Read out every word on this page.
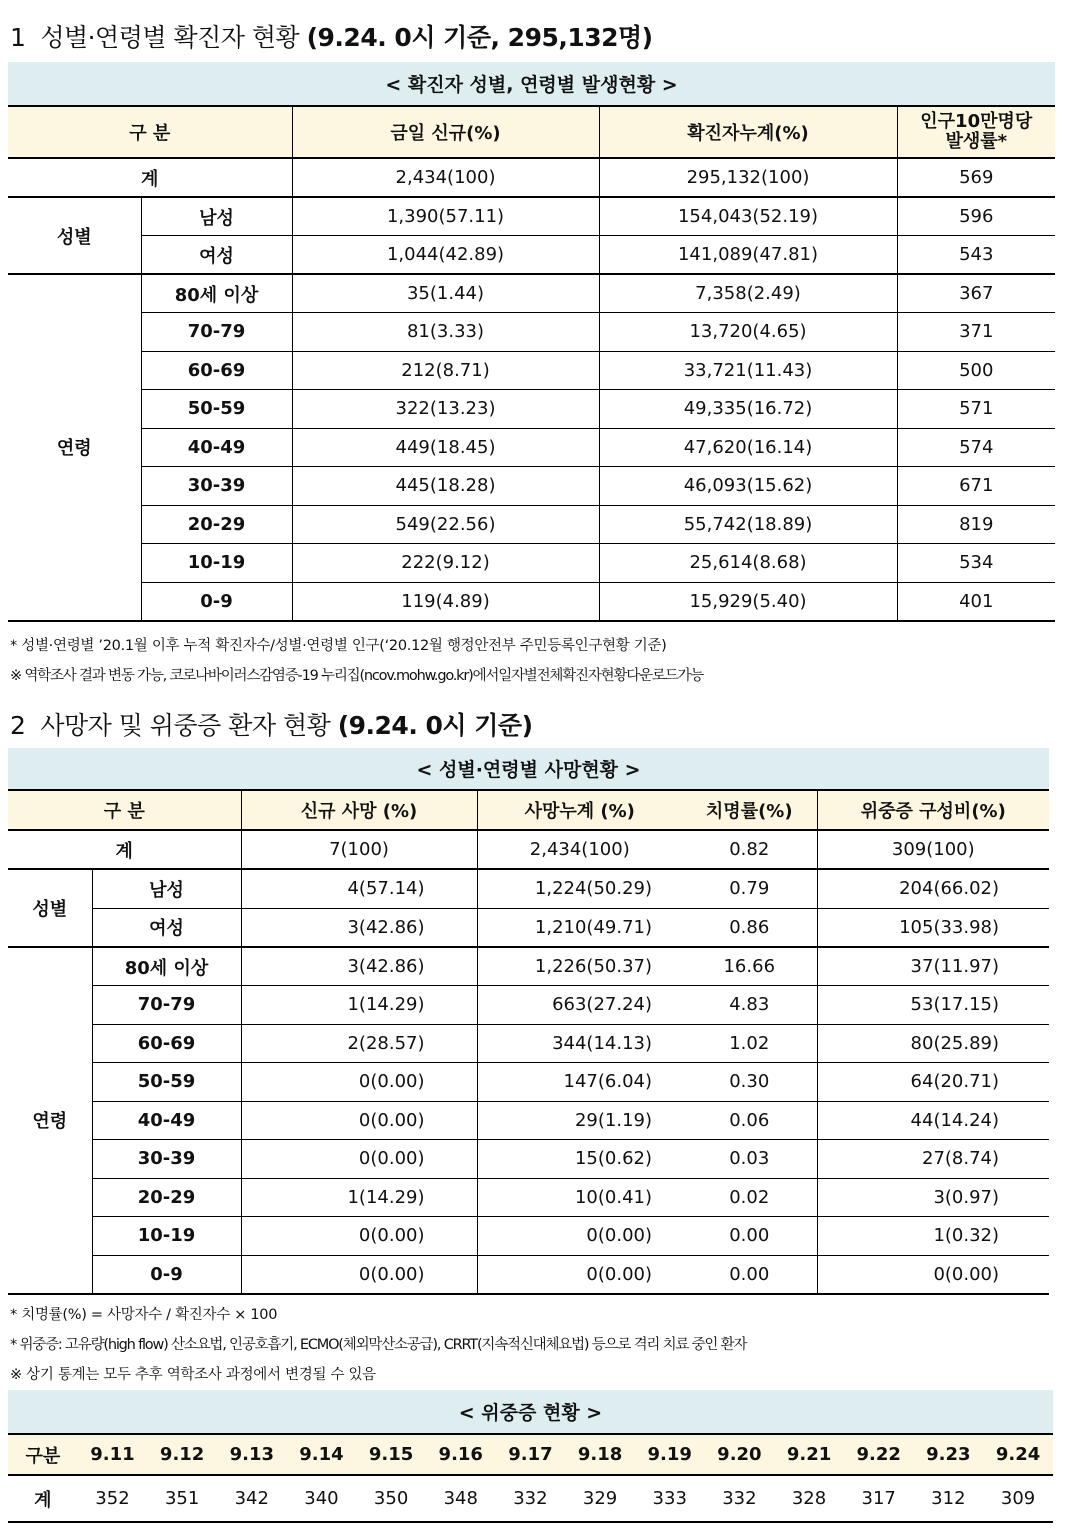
1 성별·연령별 확진자 현황 (9.24. 0시 기준, 295,132명)
< 확진자 성별, 연령별 발생현황 >				
구 분		금일 신규(%)	확진자누계(%)	인구10만명당
발생률*

계		2,434(100)	295,132(100)	569
성별	남성	1,390(57.11)	154,043(52.19)	596
	여성	1,044(42.89)	141,089(47.81)	543
연령	80세 이상	35(1.44)	7,358(2.49)	367
	70-79	81(3.33)	13,720(4.65)	371
	60-69	212(8.71)	33,721(11.43)	500
	50-59	322(13.23)	49,335(16.72)	571
	40-49	449(18.45)	47,620(16.14)	574
	30-39	445(18.28)	46,093(15.62)	671
	20-29	549(22.56)	55,742(18.89)	819
	10-19	222(9.12)	25,614(8.68)	534
	0-9	119(4.89)	15,929(5.40)	401
* 성별·연령별 ’20.1월 이후 누적 확진자수/성별·연령별 인구(‘20.12월 행정안전부 주민등록인구현황 기준)
※ 역학조사 결과 변동 가능, 코로나바이러스감염증-19 누리집(ncov.mohw.go.kr)에서일자별전체확진자현황다운로드가능
2 사망자 및 위중증 환자 현황 (9.24. 0시 기준)
< 성별·연령별 사망현황 >					
구 분		신규 사망 (%)	사망누계 (%)	치명률(%)	위중증 구성비(%)
계		7(100)	2,434(100)	0.82	309(100)
성별	남성	4(57.14)	1,224(50.29)	0.79	204(66.02)
	여성	3(42.86)	1,210(49.71)	0.86	105(33.98)
연령	80세 이상	3(42.86)	1,226(50.37)	16.66	37(11.97)
	70-79	1(14.29)	663(27.24)	4.83	53(17.15)
	60-69	2(28.57)	344(14.13)	1.02	80(25.89)
	50-59	0(0.00)	147(6.04)	0.30	64(20.71)
	40-49	0(0.00)	29(1.19)	0.06	44(14.24)
	30-39	0(0.00)	15(0.62)	0.03	27(8.74)
	20-29	1(14.29)	10(0.41)	0.02	3(0.97)
	10-19	0(0.00)	0(0.00)	0.00	1(0.32)
	0-9	0(0.00)	0(0.00)	0.00	0(0.00)
* 치명률(%) = 사망자수 / 확진자수 × 100
* 위중증: 고유량(high flow) 산소요법, 인공호흡기, ECMO(체외막산소공급), CRRT(지속적신대체요법) 등으로 격리 치료 중인 환자
※ 상기 통계는 모두 추후 역학조사 과정에서 변경될 수 있음
< 위중증 현황 >														
구분	9.11	9.12	9.13	9.14	9.15	9.16	9.17	9.18	9.19	9.20	9.21	9.22	9.23	9.24
계	352	351	342	340	350	348	332	329	333	332	328	317	312	309
